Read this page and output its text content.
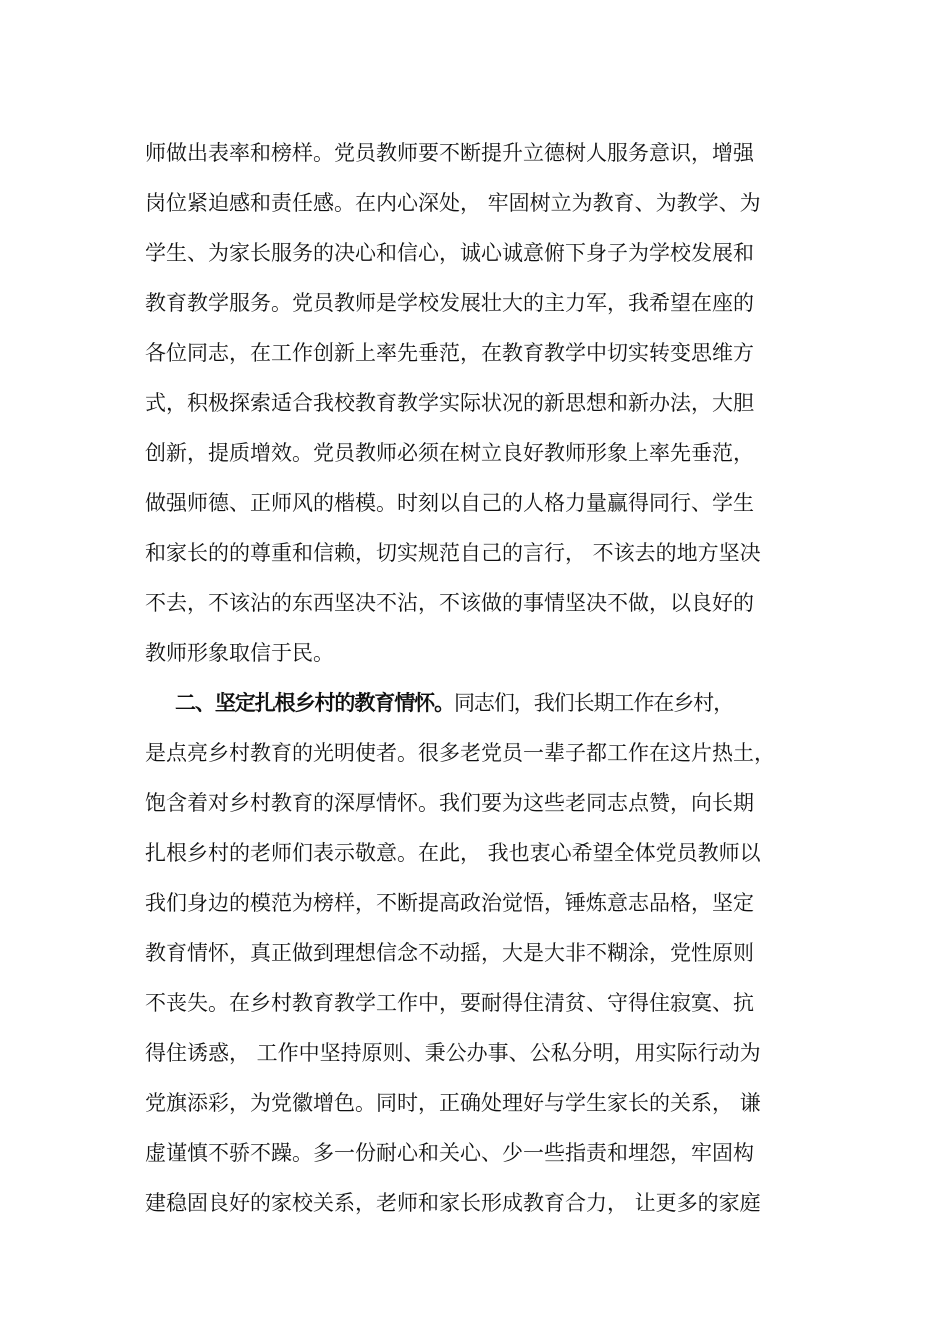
师做出表率和榜样。党员教师要不断提升立德树人服务意识，增强
岗位紧迫感和责任感。在内心深处， 牢固树立为教育、为教学、为
学生、为家长服务的决心和信心，诚心诚意俯下身子为学校发展和
教育教学服务。党员教师是学校发展壮大的主力军，我希望在座的
各位同志，在工作创新上率先垂范，在教育教学中切实转变思维方
式，积极探索适合我校教育教学实际状况的新思想和新办法，大胆
创新，提质增效。党员教师必须在树立良好教师形象上率先垂范，
做强师德、正师风的楷模。时刻以自己的人格力量赢得同行、学生
和家长的的尊重和信赖，切实规范自己的言行， 不该去的地方坚决
不去，不该沾的东西坚决不沾，不该做的事情坚决不做，以良好的
教师形象取信于民。
二、坚定扎根乡村的教育情怀。同志们，我们长期工作在乡村，
是点亮乡村教育的光明使者。很多老党员一辈子都工作在这片热土，
饱含着对乡村教育的深厚情怀。我们要为这些老同志点赞，向长期
扎根乡村的老师们表示敬意。在此， 我也衷心希望全体党员教师以
我们身边的模范为榜样，不断提高政治觉悟，锤炼意志品格，坚定
教育情怀，真正做到理想信念不动摇，大是大非不糊涂，党性原则
不丧失。在乡村教育教学工作中，要耐得住清贫、守得住寂寞、抗
得住诱惑， 工作中坚持原则、秉公办事、公私分明，用实际行动为
党旗添彩，为党徽增色。同时，正确处理好与学生家长的关系， 谦
虚谨慎不骄不躁。多一份耐心和关心、少一些指责和埋怨，牢固构
建稳固良好的家校关系，老师和家长形成教育合力， 让更多的家庭
